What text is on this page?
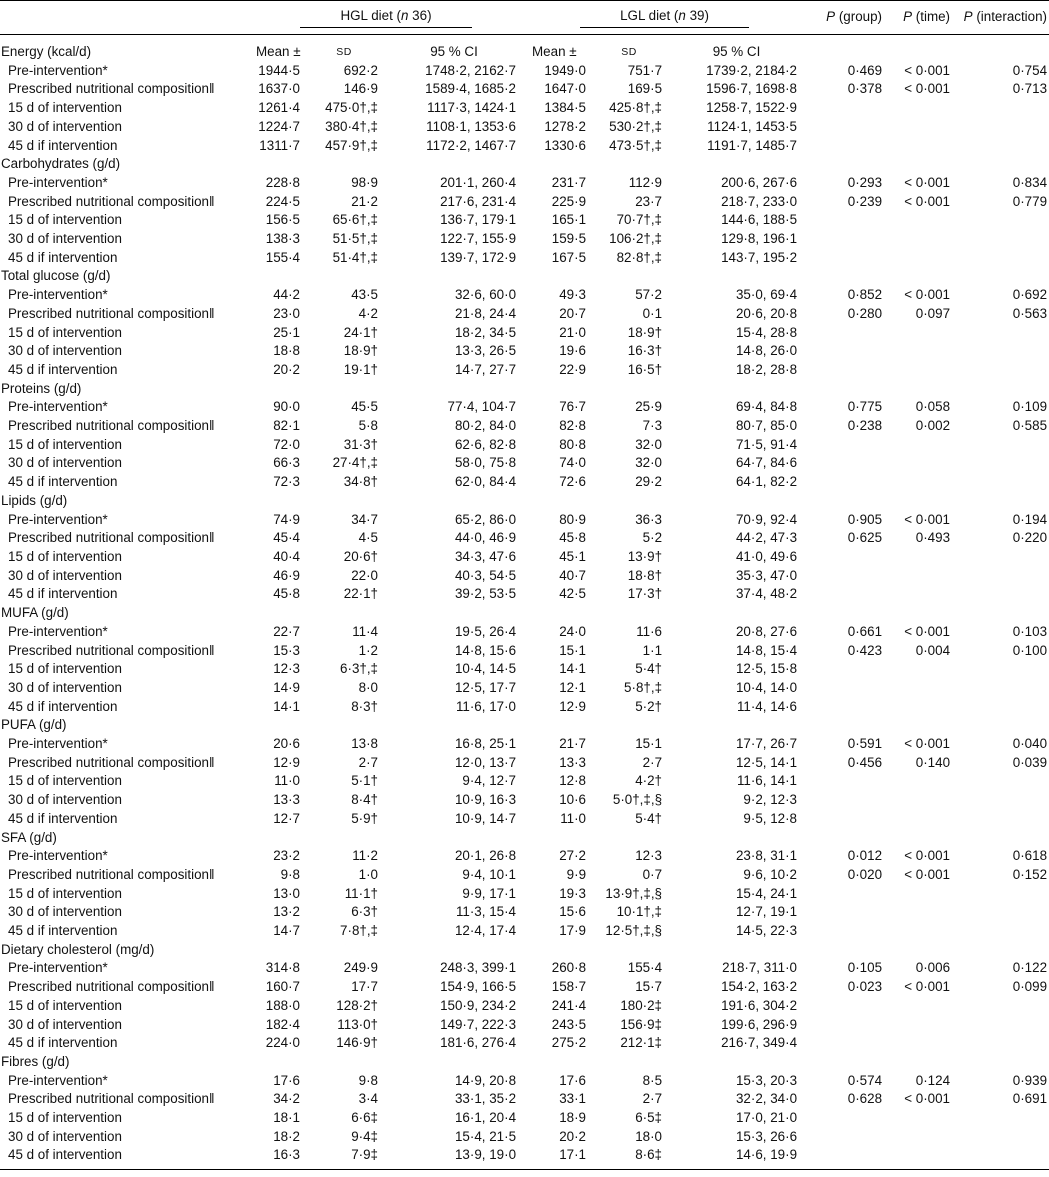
	HGL diet (n 36)			LGL diet (n 39)			P (group)	P (time)	P (interaction)

Energy (kcal/d)	Mean ±	SD	95 % CI	Mean ±	SD	95 % CI			
Pre-intervention*	1944·5	692·2	1748·2, 2162·7	1949·0	751·7	1739·2, 2184·2	0·469	< 0·001	0·754
Prescribed nutritional composition‖	1637·0	146·9	1589·4, 1685·2	1647·0	169·5	1596·7, 1698·8	0·378	< 0·001	0·713
15 d of intervention	1261·4	475·0†,‡	1117·3, 1424·1	1384·5	425·8†,‡	1258·7, 1522·9			
30 d of intervention	1224·7	380·4†,‡	1108·1, 1353·6	1278·2	530·2†,‡	1124·1, 1453·5			
45 d if intervention	1311·7	457·9†,‡	1172·2, 1467·7	1330·6	473·5†,‡	1191·7, 1485·7			
Carbohydrates (g/d)									
Pre-intervention*	228·8	98·9	201·1, 260·4	231·7	112·9	200·6, 267·6	0·293	< 0·001	0·834
Prescribed nutritional composition‖	224·5	21·2	217·6, 231·4	225·9	23·7	218·7, 233·0	0·239	< 0·001	0·779
15 d of intervention	156·5	65·6†,‡	136·7, 179·1	165·1	70·7†,‡	144·6, 188·5			
30 d of intervention	138·3	51·5†,‡	122·7, 155·9	159·5	106·2†,‡	129·8, 196·1			
45 d if intervention	155·4	51·4†,‡	139·7, 172·9	167·5	82·8†,‡	143·7, 195·2			
Total glucose (g/d)									
Pre-intervention*	44·2	43·5	32·6, 60·0	49·3	57·2	35·0, 69·4	0·852	< 0·001	0·692
Prescribed nutritional composition‖	23·0	4·2	21·8, 24·4	20·7	0·1	20·6, 20·8	0·280	0·097	0·563
15 d of intervention	25·1	24·1†	18·2, 34·5	21·0	18·9†	15·4, 28·8			
30 d of intervention	18·8	18·9†	13·3, 26·5	19·6	16·3†	14·8, 26·0			
45 d if intervention	20·2	19·1†	14·7, 27·7	22·9	16·5†	18·2, 28·8			
Proteins (g/d)									
Pre-intervention*	90·0	45·5	77·4, 104·7	76·7	25·9	69·4, 84·8	0·775	0·058	0·109
Prescribed nutritional composition‖	82·1	5·8	80·2, 84·0	82·8	7·3	80·7, 85·0	0·238	0·002	0·585
15 d of intervention	72·0	31·3†	62·6, 82·8	80·8	32·0	71·5, 91·4			
30 d of intervention	66·3	27·4†,‡	58·0, 75·8	74·0	32·0	64·7, 84·6			
45 d if intervention	72·3	34·8†	62·0, 84·4	72·6	29·2	64·1, 82·2			
Lipids (g/d)									
Pre-intervention*	74·9	34·7	65·2, 86·0	80·9	36·3	70·9, 92·4	0·905	< 0·001	0·194
Prescribed nutritional composition‖	45·4	4·5	44·0, 46·9	45·8	5·2	44·2, 47·3	0·625	0·493	0·220
15 d of intervention	40·4	20·6†	34·3, 47·6	45·1	13·9†	41·0, 49·6			
30 d of intervention	46·9	22·0	40·3, 54·5	40·7	18·8†	35·3, 47·0			
45 d if intervention	45·8	22·1†	39·2, 53·5	42·5	17·3†	37·4, 48·2			
MUFA (g/d)									
Pre-intervention*	22·7	11·4	19·5, 26·4	24·0	11·6	20·8, 27·6	0·661	< 0·001	0·103
Prescribed nutritional composition‖	15·3	1·2	14·8, 15·6	15·1	1·1	14·8, 15·4	0·423	0·004	0·100
15 d of intervention	12·3	6·3†,‡	10·4, 14·5	14·1	5·4†	12·5, 15·8			
30 d of intervention	14·9	8·0	12·5, 17·7	12·1	5·8†,‡	10·4, 14·0			
45 d if intervention	14·1	8·3†	11·6, 17·0	12·9	5·2†	11·4, 14·6			
PUFA (g/d)									
Pre-intervention*	20·6	13·8	16·8, 25·1	21·7	15·1	17·7, 26·7	0·591	< 0·001	0·040
Prescribed nutritional composition‖	12·9	2·7	12·0, 13·7	13·3	2·7	12·5, 14·1	0·456	0·140	0·039
15 d of intervention	11·0	5·1†	9·4, 12·7	12·8	4·2†	11·6, 14·1			
30 d of intervention	13·3	8·4†	10·9, 16·3	10·6	5·0†,‡,§	9·2, 12·3			
45 d if intervention	12·7	5·9†	10·9, 14·7	11·0	5·4†	9·5, 12·8			
SFA (g/d)									
Pre-intervention*	23·2	11·2	20·1, 26·8	27·2	12·3	23·8, 31·1	0·012	< 0·001	0·618
Prescribed nutritional composition‖	9·8	1·0	9·4, 10·1	9·9	0·7	9·6, 10·2	0·020	< 0·001	0·152
15 d of intervention	13·0	11·1†	9·9, 17·1	19·3	13·9†,‡,§	15·4, 24·1			
30 d of intervention	13·2	6·3†	11·3, 15·4	15·6	10·1†,‡	12·7, 19·1			
45 d if intervention	14·7	7·8†,‡	12·4, 17·4	17·9	12·5†,‡,§	14·5, 22·3			
Dietary cholesterol (mg/d)									
Pre-intervention*	314·8	249·9	248·3, 399·1	260·8	155·4	218·7, 311·0	0·105	0·006	0·122
Prescribed nutritional composition‖	160·7	17·7	154·9, 166·5	158·7	15·7	154·2, 163·2	0·023	< 0·001	0·099
15 d of intervention	188·0	128·2†	150·9, 234·2	241·4	180·2‡	191·6, 304·2			
30 d of intervention	182·4	113·0†	149·7, 222·3	243·5	156·9‡	199·6, 296·9			
45 d if intervention	224·0	146·9†	181·6, 276·4	275·2	212·1‡	216·7, 349·4			
Fibres (g/d)									
Pre-intervention*	17·6	9·8	14·9, 20·8	17·6	8·5	15·3, 20·3	0·574	0·124	0·939
Prescribed nutritional composition‖	34·2	3·4	33·1, 35·2	33·1	2·7	32·2, 34·0	0·628	< 0·001	0·691
15 d of intervention	18·1	6·6‡	16·1, 20·4	18·9	6·5‡	17·0, 21·0			
30 d of intervention	18·2	9·4‡	15·4, 21·5	20·2	18·0	15·3, 26·6			
45 d of intervention	16·3	7·9‡	13·9, 19·0	17·1	8·6‡	14·6, 19·9			
